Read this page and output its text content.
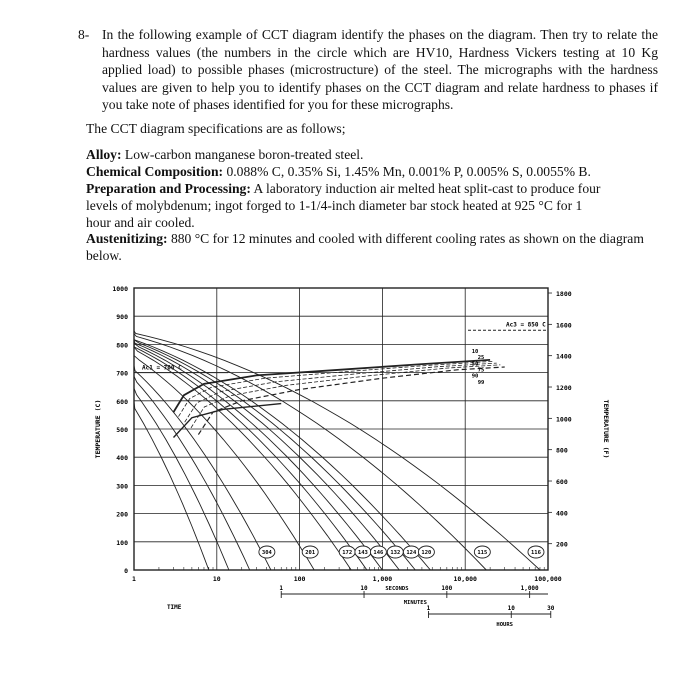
8- In the following example of CCT diagram identify the phases on the diagram. Then try to relate the hardness values (the numbers in the circle which are HV10, Hardness Vickers testing at 10 Kg applied load) to possible phases (microstructure) of the steel. The micrographs with the hardness values are given to help you to identify phases on the CCT diagram and relate hardness to phases if you take note of phases identified for you for these micrographs.
The CCT diagram specifications are as follows;
Alloy: Low-carbon manganese boron-treated steel.
Chemical Composition: 0.088% C, 0.35% Si, 1.45% Mn, 0.001% P, 0.005% S, 0.0055% B.
Preparation and Processing: A laboratory induction air melted heat split-cast to produce four levels of molybdenum; ingot forged to 1-1/4-inch diameter bar stock heated at 925 °C for 1 hour and air cooled.
Austenitizing: 880 °C for 12 minutes and cooled with different cooling rates as shown on the diagram below.
0
100
200
300
400
500
600
700
800
900
1000
1	10	100	1,000	10,000	100,000
200
400
600
800
1000
1200
1400
1600
1800
TEMPERATURE (C)	TEMPERATURE (F)
Ac1 = 700 C
Ac3 = 850 C
10
25
50
75
90
99
304	201	172 143 146 132 124 120	115	116
SECONDS
TIME
1	10	100	1,000
MINUTES
1	10	30
HOURS
